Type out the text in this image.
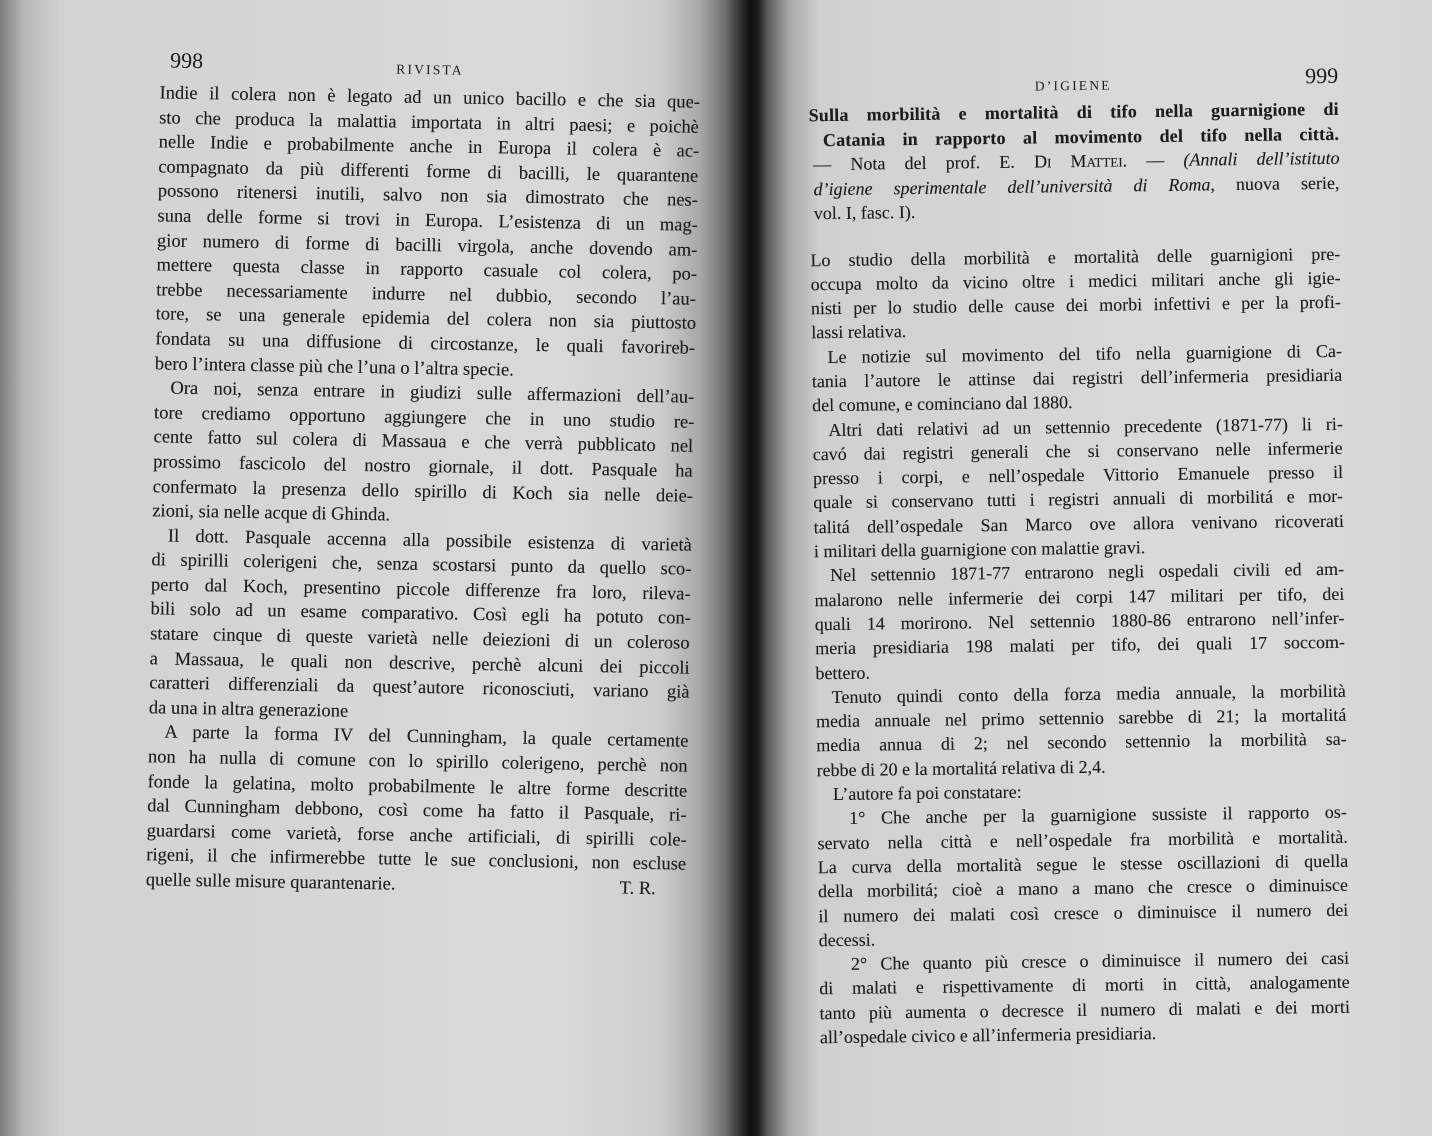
998	RIVISTA
Indie il colera non è legato ad un unico bacillo e che sia que-
sto che produca la malattia importata in altri paesi; e poichè
nelle Indie e probabilmente anche in Europa il colera è ac-
compagnato da più differenti forme di bacilli, le quarantene
possono ritenersi inutili, salvo non sia dimostrato che nes-
suna delle forme si trovi in Europa. L’esistenza di un mag-
gior numero di forme di bacilli virgola, anche dovendo am-
mettere questa classe in rapporto casuale col colera, po-
trebbe necessariamente indurre nel dubbio, secondo l’au-
tore, se una generale epidemia del colera non sia piuttosto
fondata su una diffusione di circostanze, le quali favorireb-
bero l’intera classe più che l’una o l’altra specie.
Ora noi, senza entrare in giudizi sulle affermazioni dell’au-
tore crediamo opportuno aggiungere che in uno studio re-
cente fatto sul colera di Massaua e che verrà pubblicato nel
prossimo fascicolo del nostro giornale, il dott. Pasquale ha
confermato la presenza dello spirillo di Koch sia nelle deie-
zioni, sia nelle acque di Ghinda.
Il dott. Pasquale accenna alla possibile esistenza di varietà
di spirilli colerigeni che, senza scostarsi punto da quello sco-
perto dal Koch, presentino piccole differenze fra loro, rileva-
bili solo ad un esame comparativo. Così egli ha potuto con-
statare cinque di queste varietà nelle deiezioni di un coleroso
a Massaua, le quali non descrive, perchè alcuni dei piccoli
caratteri differenziali da quest’autore riconosciuti, variano già
da una in altra generazione
A parte la forma IV del Cunningham, la quale certamente
non ha nulla di comune con lo spirillo colerigeno, perchè non
fonde la gelatina, molto probabilmente le altre forme descritte
dal Cunningham debbono, così come ha fatto il Pasquale, ri-
guardarsi come varietà, forse anche artificiali, di spirilli cole-
rigeni, il che infirmerebbe tutte le sue conclusioni, non escluse
quelle sulle misure quarantenarie.	T. R.
D’IGIENE	999
Sulla morbilità e mortalità di tifo nella guarnigione di
Catania in rapporto al movimento del tifo nella città.
— Nota del prof. E. Di Mattei. — (Annali dell’istituto
d’igiene sperimentale dell’università di Roma, nuova serie,
vol. I, fasc. I).
Lo studio della morbilità e mortalità delle guarnigioni pre-
occupa molto da vicino oltre i medici militari anche gli igie-
nisti per lo studio delle cause dei morbi infettivi e per la profi-
lassi relativa.
Le notizie sul movimento del tifo nella guarnigione di Ca-
tania l’autore le attinse dai registri dell’infermeria presidiaria
del comune, e cominciano dal 1880.
Altri dati relativi ad un settennio precedente (1871-77) li ri-
cavó dai registri generali che si conservano nelle infermerie
presso i corpi, e nell’ospedale Vittorio Emanuele presso il
quale si conservano tutti i registri annuali di morbilitá e mor-
talitá dell’ospedale San Marco ove allora venivano ricoverati
i militari della guarnigione con malattie gravi.
Nel settennio 1871-77 entrarono negli ospedali civili ed am-
malarono nelle infermerie dei corpi 147 militari per tifo, dei
quali 14 morirono. Nel settennio 1880-86 entrarono nell’infer-
meria presidiaria 198 malati per tifo, dei quali 17 soccom-
bettero.
Tenuto quindi conto della forza media annuale, la morbilità
media annuale nel primo settennio sarebbe di 21; la mortalitá
media annua di 2; nel secondo settennio la morbilità sa-
rebbe di 20 e la mortalitá relativa di 2,4.
L’autore fa poi constatare:
1° Che anche per la guarnigione sussiste il rapporto os-
servato nella città e nell’ospedale fra morbilità e mortalità.
La curva della mortalità segue le stesse oscillazioni di quella
della morbilitá; cioè a mano a mano che cresce o diminuisce
il numero dei malati così cresce o diminuisce il numero dei
decessi.
2° Che quanto più cresce o diminuisce il numero dei casi
di malati e rispettivamente di morti in città, analogamente
tanto più aumenta o decresce il numero di malati e dei morti
all’ospedale civico e all’infermeria presidiaria.
